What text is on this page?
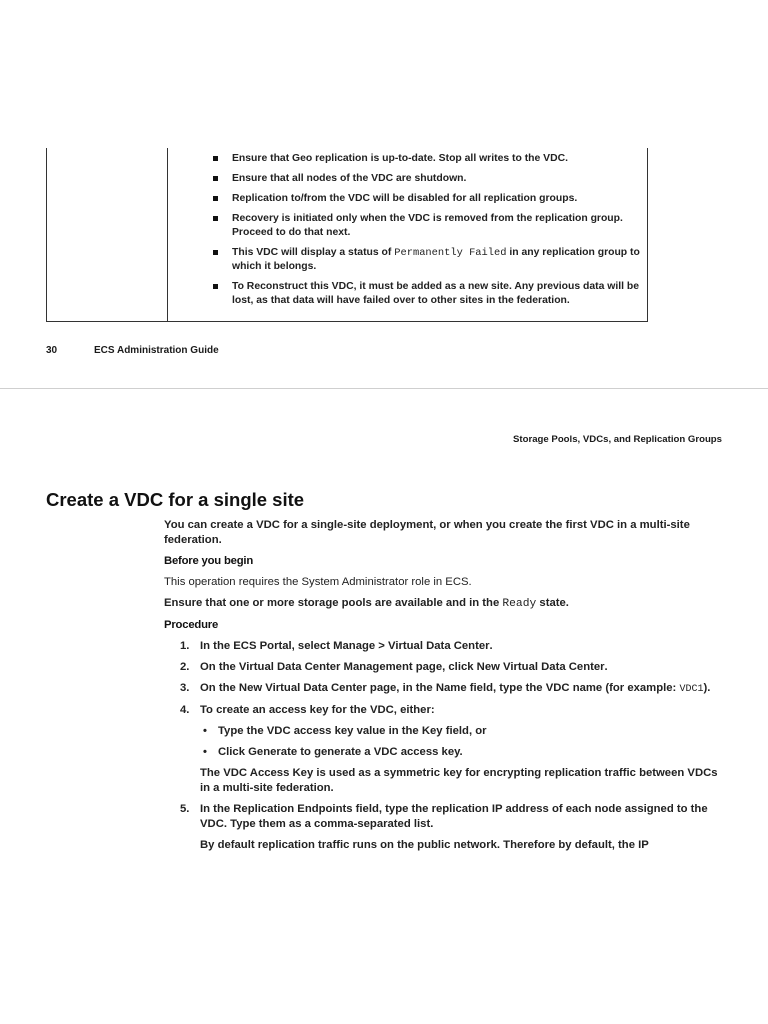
Ensure that Geo replication is up-to-date. Stop all writes to the VDC.
Ensure that all nodes of the VDC are shutdown.
Replication to/from the VDC will be disabled for all replication groups.
Recovery is initiated only when the VDC is removed from the replication group. Proceed to do that next.
This VDC will display a status of Permanently Failed in any replication group to which it belongs.
To Reconstruct this VDC, it must be added as a new site. Any previous data will be lost, as that data will have failed over to other sites in the federation.
30	ECS Administration Guide
Storage Pools, VDCs, and Replication Groups
Create a VDC for a single site

You can create a VDC for a single-site deployment, or when you create the first VDC in a multi-site federation.

Before you begin

This operation requires the System Administrator role in ECS.

Ensure that one or more storage pools are available and in the Ready state.

Procedure

1. In the ECS Portal, select Manage > Virtual Data Center.
2. On the Virtual Data Center Management page, click New Virtual Data Center.
3. On the New Virtual Data Center page, in the Name field, type the VDC name (for example: VDC1).
4. To create an access key for the VDC, either:
• Type the VDC access key value in the Key field, or
• Click Generate to generate a VDC access key.
The VDC Access Key is used as a symmetric key for encrypting replication traffic between VDCs in a multi-site federation.
5. In the Replication Endpoints field, type the replication IP address of each node assigned to the VDC. Type them as a comma-separated list.
By default replication traffic runs on the public network. Therefore by default, the IP
